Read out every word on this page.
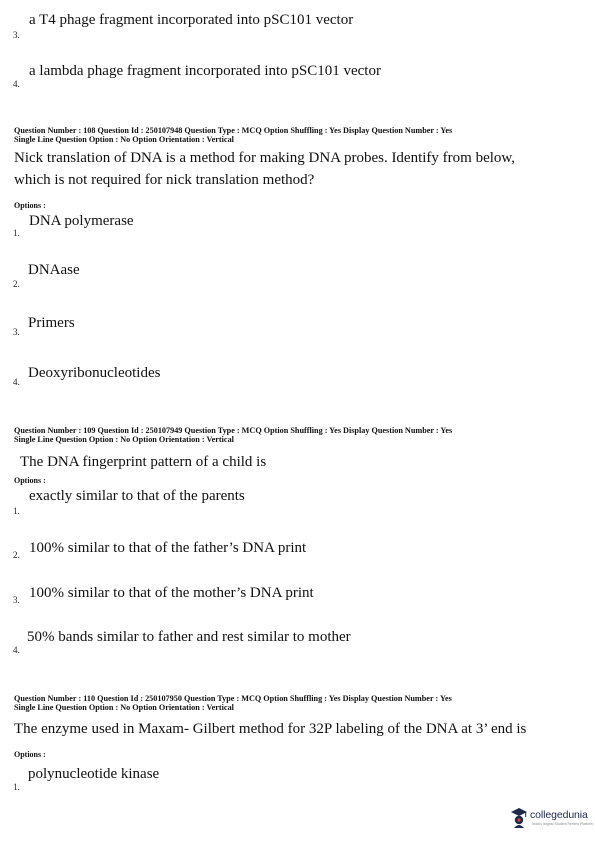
a T4 phage fragment incorporated into pSC101 vector
3.
a lambda phage fragment incorporated into pSC101 vector
4.
Question Number : 108 Question Id : 250107948 Question Type : MCQ Option Shuffling : Yes Display Question Number : Yes
Single Line Question Option : No Option Orientation : Vertical
Nick translation of DNA is a method for making DNA probes. Identify from below,
which is not required for nick translation method?
Options :
DNA polymerase
1.
DNAase
2.
Primers
3.
Deoxyribonucleotides
4.
Question Number : 109 Question Id : 250107949 Question Type : MCQ Option Shuffling : Yes Display Question Number : Yes
Single Line Question Option : No Option Orientation : Vertical
The DNA fingerprint pattern of a child is
Options :
exactly similar to that of the parents
1.
100% similar to that of the father’s DNA print
2.
100% similar to that of the mother’s DNA print
3.
50% bands similar to father and rest similar to mother
4.
Question Number : 110 Question Id : 250107950 Question Type : MCQ Option Shuffling : Yes Display Question Number : Yes
Single Line Question Option : No Option Orientation : Vertical
The enzyme used in Maxam- Gilbert method for 32P labeling of the DNA at 3’ end is
Options :
polynucleotide kinase
1.
collegedunia
India's largest Student Review Platform
